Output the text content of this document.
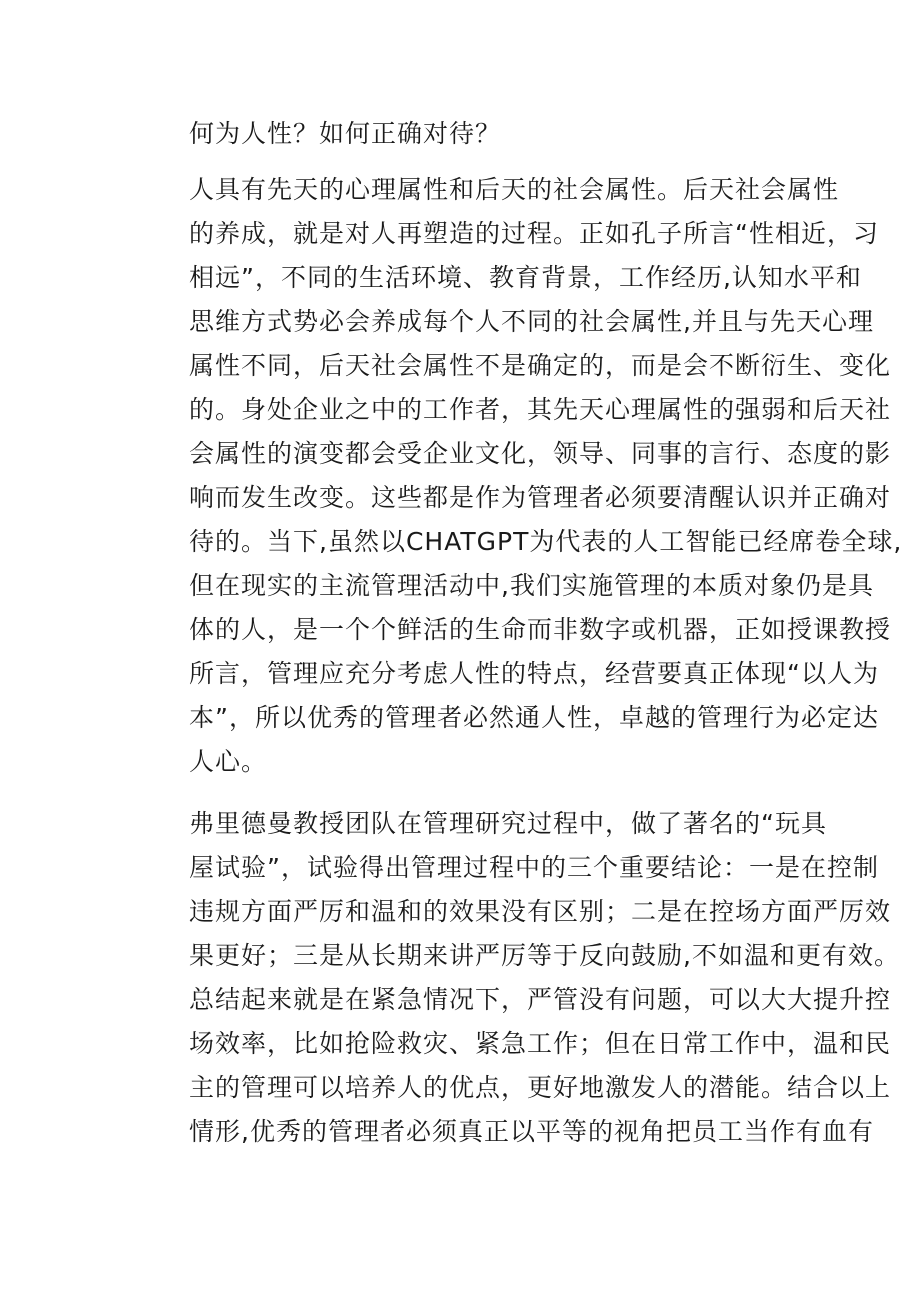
何为人性？如何正确对待？

人具有先天的心理属性和后天的社会属性。后天社会属性
的养成，就是对人再塑造的过程。正如孔子所言“性相近，习
相远”，不同的生活环境、教育背景，工作经历,认知水平和
思维方式势必会养成每个人不同的社会属性,并且与先天心理
属性不同，后天社会属性不是确定的，而是会不断衍生、变化
的。身处企业之中的工作者，其先天心理属性的强弱和后天社
会属性的演变都会受企业文化，领导、同事的言行、态度的影
响而发生改变。这些都是作为管理者必须要清醒认识并正确对
待的。当下,虽然以CHATGPT为代表的人工智能已经席卷全球,
但在现实的主流管理活动中,我们实施管理的本质对象仍是具
体的人，是一个个鲜活的生命而非数字或机器，正如授课教授
所言，管理应充分考虑人性的特点，经营要真正体现“以人为
本”，所以优秀的管理者必然通人性，卓越的管理行为必定达
人心。

弗里德曼教授团队在管理研究过程中，做了著名的“玩具
屋试验”，试验得出管理过程中的三个重要结论：一是在控制
违规方面严厉和温和的效果没有区别；二是在控场方面严厉效
果更好；三是从长期来讲严厉等于反向鼓励,不如温和更有效。
总结起来就是在紧急情况下，严管没有问题，可以大大提升控
场效率，比如抢险救灾、紧急工作；但在日常工作中，温和民
主的管理可以培养人的优点，更好地激发人的潜能。结合以上
情形,优秀的管理者必须真正以平等的视角把员工当作有血有
